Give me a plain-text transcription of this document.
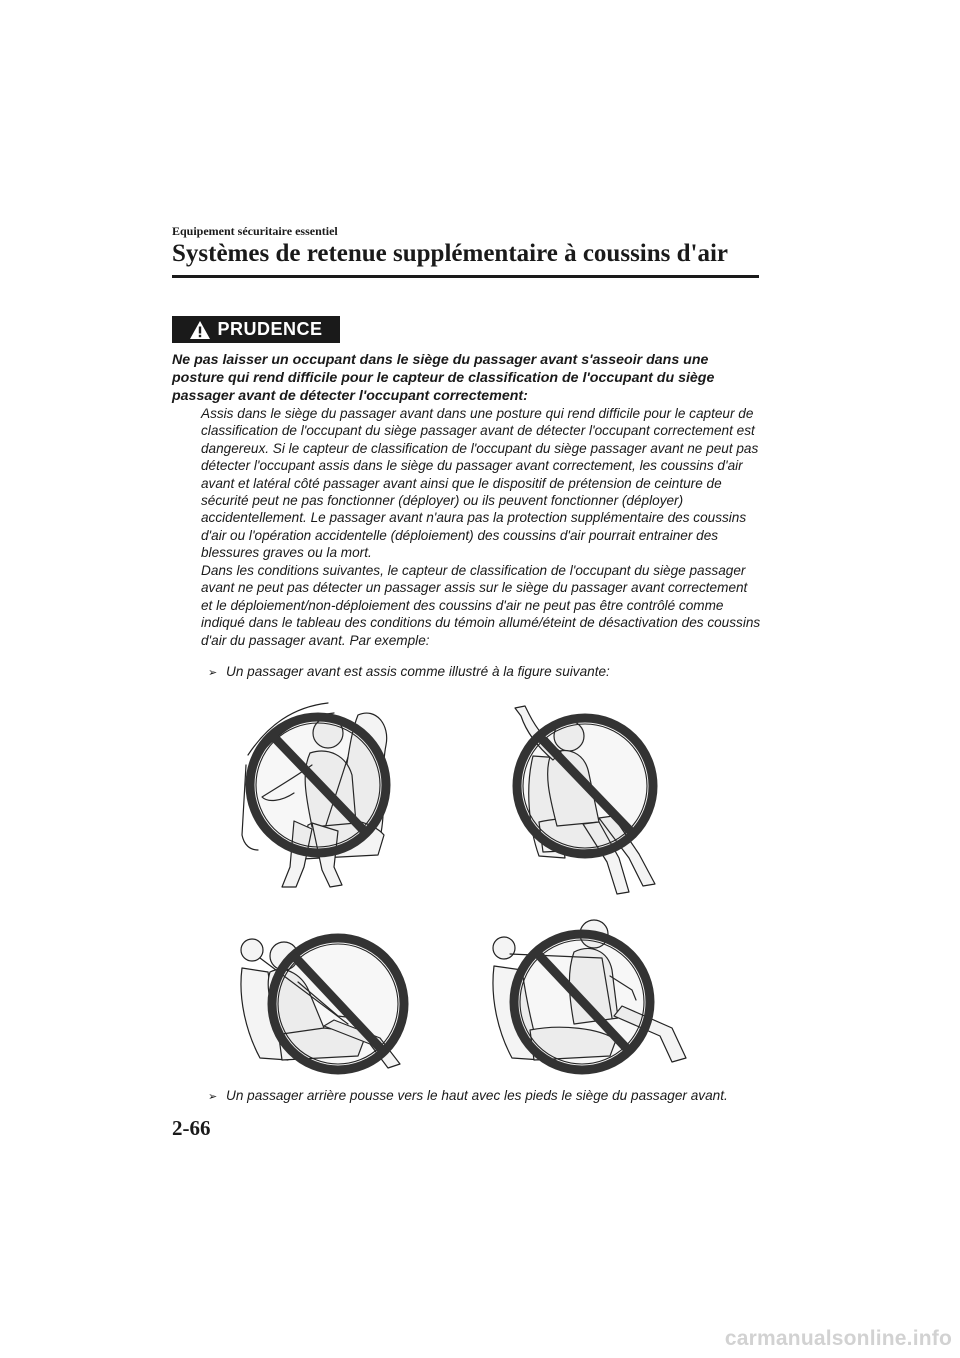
Equipement sécuritaire essentiel
Systèmes de retenue supplémentaire à coussins d'air
PRUDENCE
Ne pas laisser un occupant dans le siège du passager avant s'asseoir dans une posture qui rend difficile pour le capteur de classification de l'occupant du siège passager avant de détecter l'occupant correctement:
Assis dans le siège du passager avant dans une posture qui rend difficile pour le capteur de classification de l'occupant du siège passager avant de détecter l'occupant correctement est dangereux. Si le capteur de classification de l'occupant du siège passager avant ne peut pas détecter l'occupant assis dans le siège du passager avant correctement, les coussins d'air avant et latéral côté passager avant ainsi que le dispositif de prétension de ceinture de sécurité peut ne pas fonctionner (déployer) ou ils peuvent fonctionner (déployer) accidentellement. Le passager avant n'aura pas la protection supplémentaire des coussins d'air ou l'opération accidentelle (déploiement) des coussins d'air pourrait entrainer des blessures graves ou la mort.
Dans les conditions suivantes, le capteur de classification de l'occupant du siège passager avant ne peut pas détecter un passager assis sur le siège du passager avant correctement et le déploiement/non-déploiement des coussins d'air ne peut pas être contrôlé comme indiqué dans le tableau des conditions du témoin allumé/éteint de désactivation des coussins d'air du passager avant. Par exemple:
➢ Un passager avant est assis comme illustré à la figure suivante:
➢ Un passager arrière pousse vers le haut avec les pieds le siège du passager avant.
2-66
carmanualsonline.info
